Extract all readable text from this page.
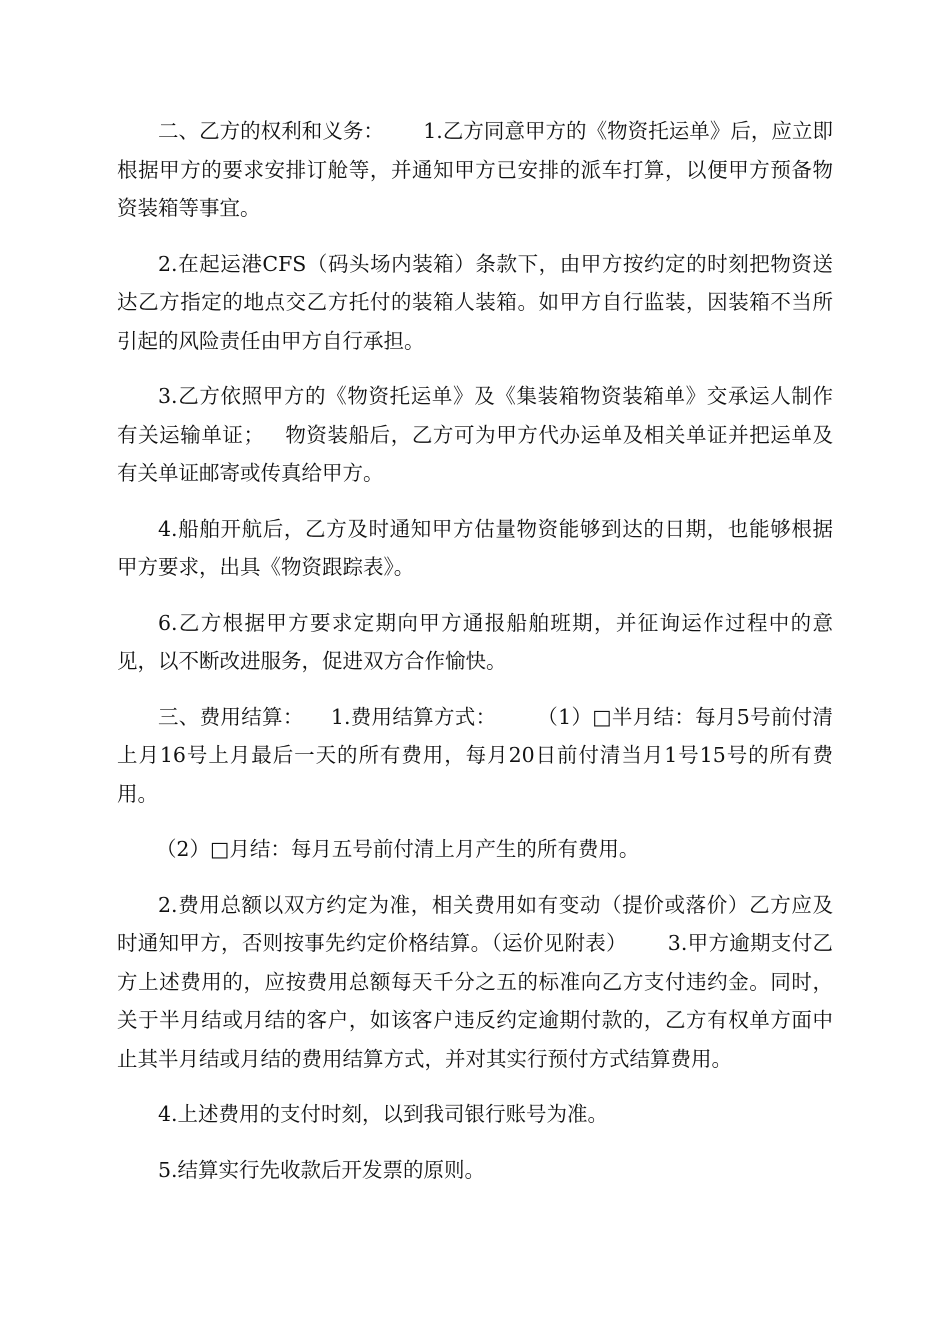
二、乙方的权利和义务：      1.乙方同意甲方的《物资托运单》后，应立即根据甲方的要求安排订舱等，并通知甲方已安排的派车打算，以便甲方预备物资装箱等事宜。

2.在起运港CFS（码头场内装箱）条款下，由甲方按约定的时刻把物资送达乙方指定的地点交乙方托付的装箱人装箱。如甲方自行监装，因装箱不当所引起的风险责任由甲方自行承担。

3.乙方依照甲方的《物资托运单》及《集装箱物资装箱单》交承运人制作有关运输单证；   物资装船后，乙方可为甲方代办运单及相关单证并把运单及有关单证邮寄或传真给甲方。

4.船舶开航后，乙方及时通知甲方估量物资能够到达的日期，也能够根据甲方要求，出具《物资跟踪表》。

6.乙方根据甲方要求定期向甲方通报船舶班期，并征询运作过程中的意见，以不断改进服务，促进双方合作愉快。

三、费用结算：    1.费用结算方式：      （1）□半月结：每月5号前付清上月16号上月最后一天的所有费用，每月20日前付清当月1号15号的所有费用。

（2）□月结：每月五号前付清上月产生的所有费用。

2.费用总额以双方约定为准，相关费用如有变动（提价或落价）乙方应及时通知甲方，否则按事先约定价格结算。（运价见附表）      3.甲方逾期支付乙方上述费用的，应按费用总额每天千分之五的标准向乙方支付违约金。同时，关于半月结或月结的客户，如该客户违反约定逾期付款的，乙方有权单方面中止其半月结或月结的费用结算方式，并对其实行预付方式结算费用。

4.上述费用的支付时刻，以到我司银行账号为准。

5.结算实行先收款后开发票的原则。
